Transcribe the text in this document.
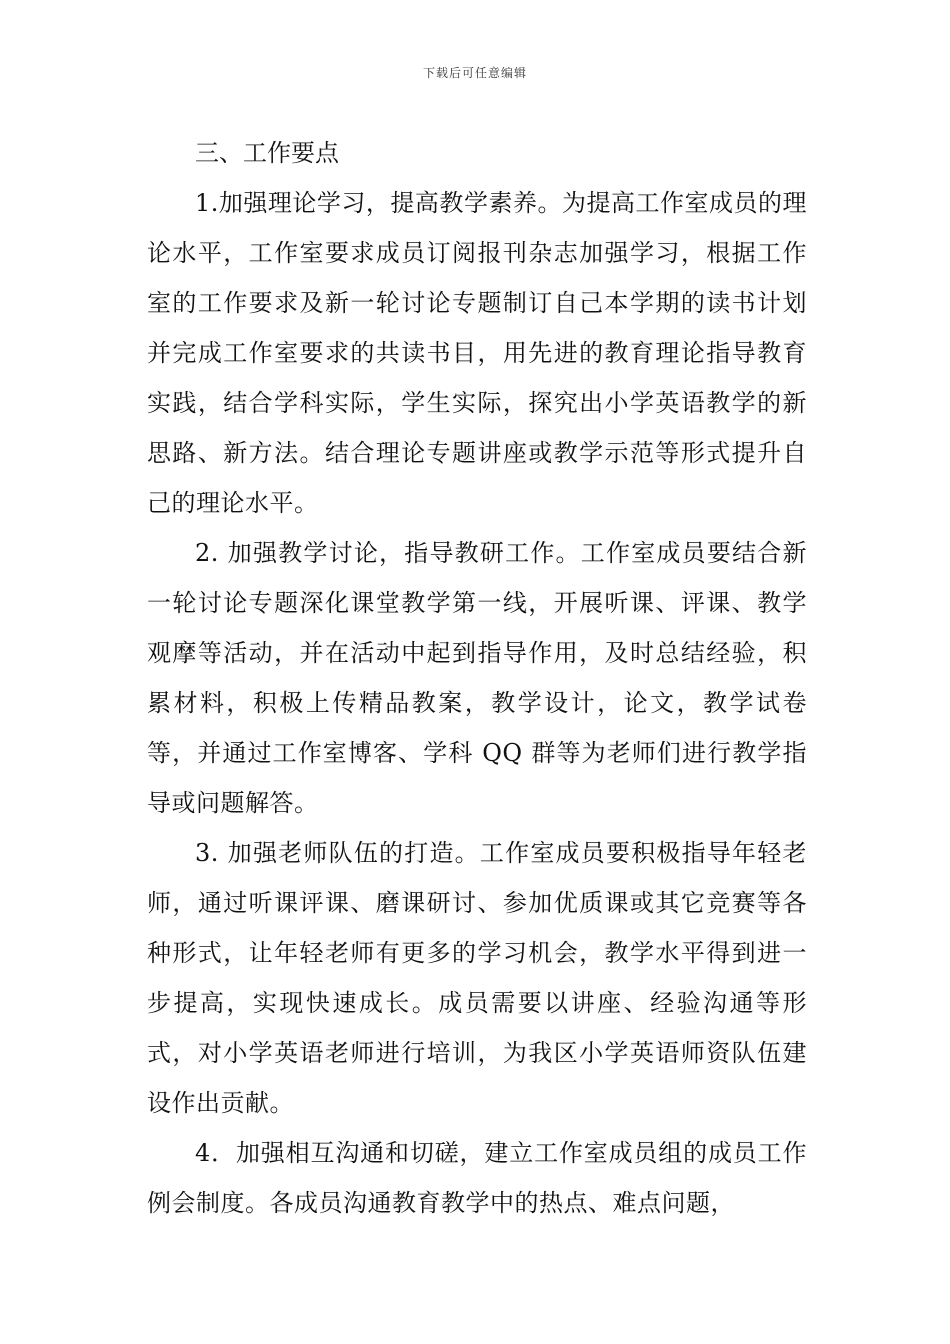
下载后可任意编辑
三、工作要点

1.加强理论学习，提高教学素养。为提高工作室成员的理论水平，工作室要求成员订阅报刊杂志加强学习，根据工作室的工作要求及新一轮讨论专题制订自己本学期的读书计划并完成工作室要求的共读书目，用先进的教育理论指导教育实践，结合学科实际，学生实际，探究出小学英语教学的新思路、新方法。结合理论专题讲座或教学示范等形式提升自己的理论水平。

2. 加强教学讨论，指导教研工作。工作室成员要结合新一轮讨论专题深化课堂教学第一线，开展听课、评课、教学观摩等活动，并在活动中起到指导作用，及时总结经验，积累材料，积极上传精品教案，教学设计，论文，教学试卷等，并通过工作室博客、学科 QQ 群等为老师们进行教学指导或问题解答。

3. 加强老师队伍的打造。工作室成员要积极指导年轻老师，通过听课评课、磨课研讨、参加优质课或其它竞赛等各种形式，让年轻老师有更多的学习机会，教学水平得到进一步提高，实现快速成长。成员需要以讲座、经验沟通等形式，对小学英语老师进行培训，为我区小学英语师资队伍建设作出贡献。

4．加强相互沟通和切磋，建立工作室成员组的成员工作例会制度。各成员沟通教育教学中的热点、难点问题，
